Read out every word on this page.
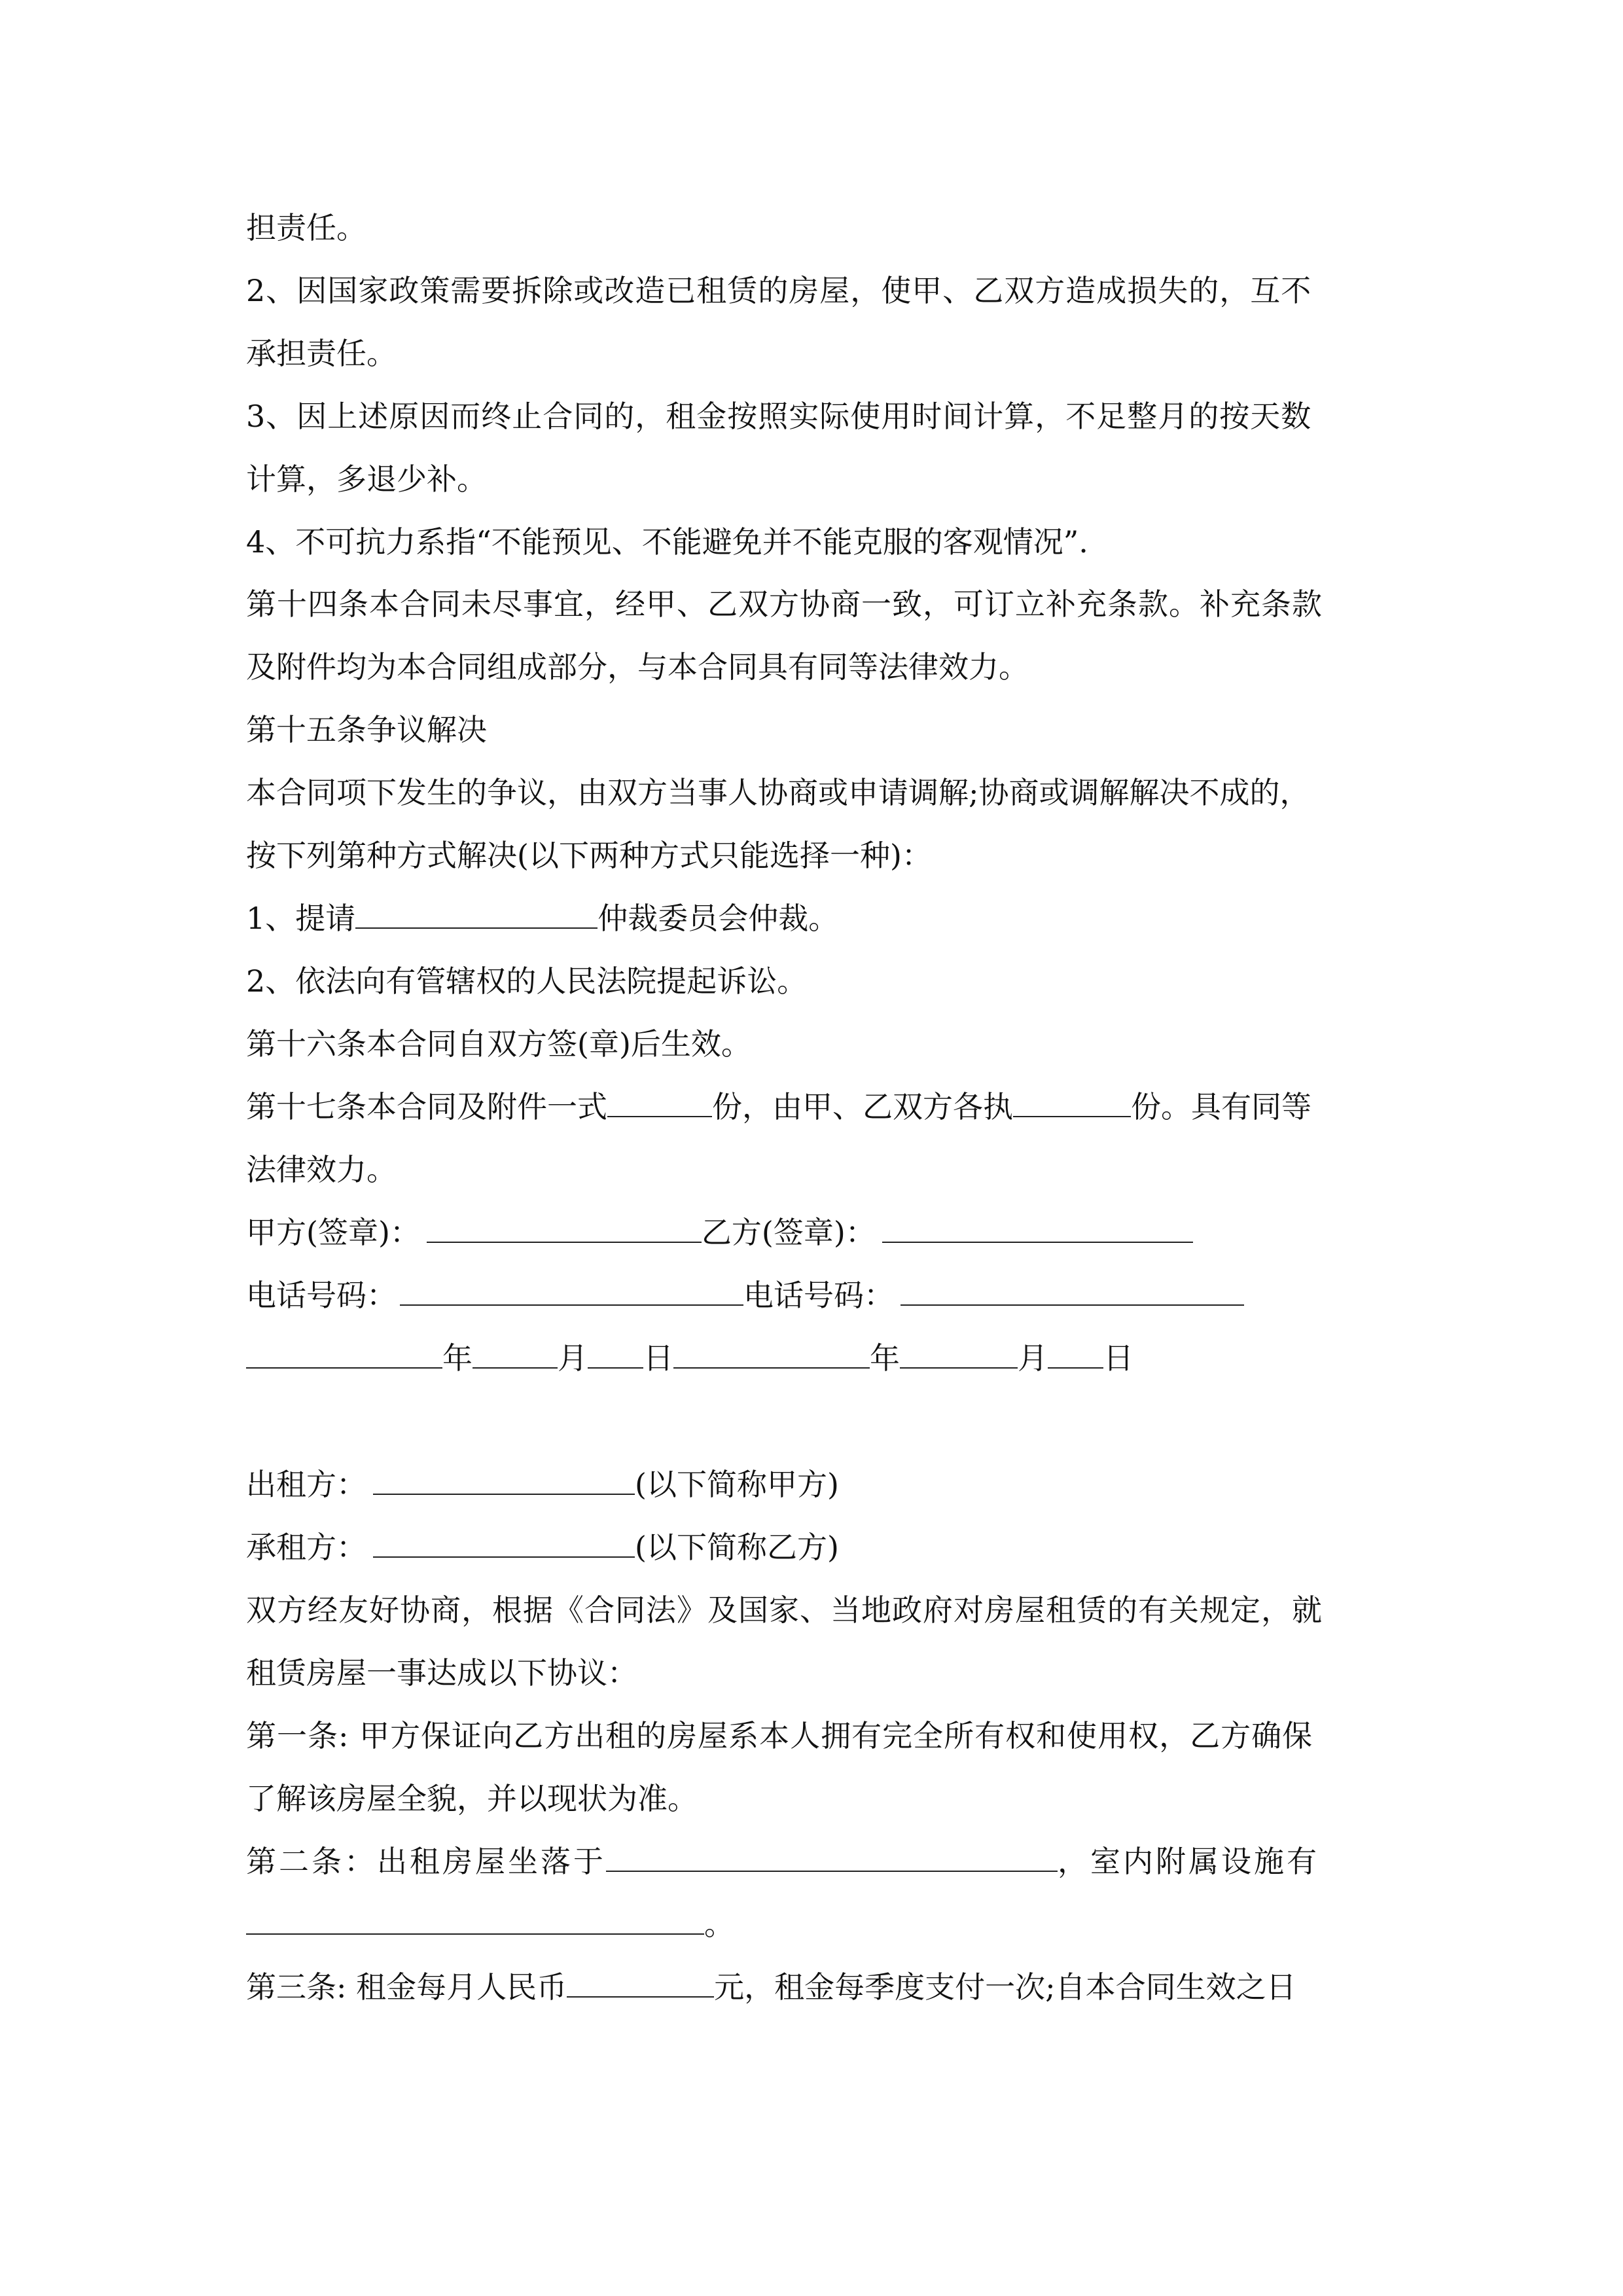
担责任。

2、因国家政策需要拆除或改造已租赁的房屋，使甲、乙双方造成损失的，互不

承担责任。

3、因上述原因而终止合同的，租金按照实际使用时间计算，不足整月的按天数

计算，多退少补。

4、不可抗力系指“不能预见、不能避免并不能克服的客观情况”.

第十四条本合同未尽事宜，经甲、乙双方协商一致，可订立补充条款。补充条款

及附件均为本合同组成部分，与本合同具有同等法律效力。

第十五条争议解决

本合同项下发生的争议，由双方当事人协商或申请调解;协商或调解解决不成的，

按下列第种方式解决(以下两种方式只能选择一种)：

1、提请	仲裁委员会仲裁。

2、依法向有管辖权的人民法院提起诉讼。

第十六条本合同自双方签(章)后生效。

第十七条本合同及附件一式	份，由甲、乙双方各执	份。具有同等

法律效力。

甲方(签章)：	乙方(签章)：

电话号码：	电话号码：

年	月 日	年	月 日

出租方：	(以下简称甲方)

承租方：	(以下简称乙方)

双方经友好协商，根据《合同法》及国家、当地政府对房屋租赁的有关规定，就

租赁房屋一事达成以下协议：

第一条: 甲方保证向乙方出租的房屋系本人拥有完全所有权和使用权，乙方确保

了解该房屋全貌，并以现状为准。

第二条：出租房屋坐落于	，室内附属设施有

。

第三条: 租金每月人民币	元，租金每季度支付一次;自本合同生效之日
